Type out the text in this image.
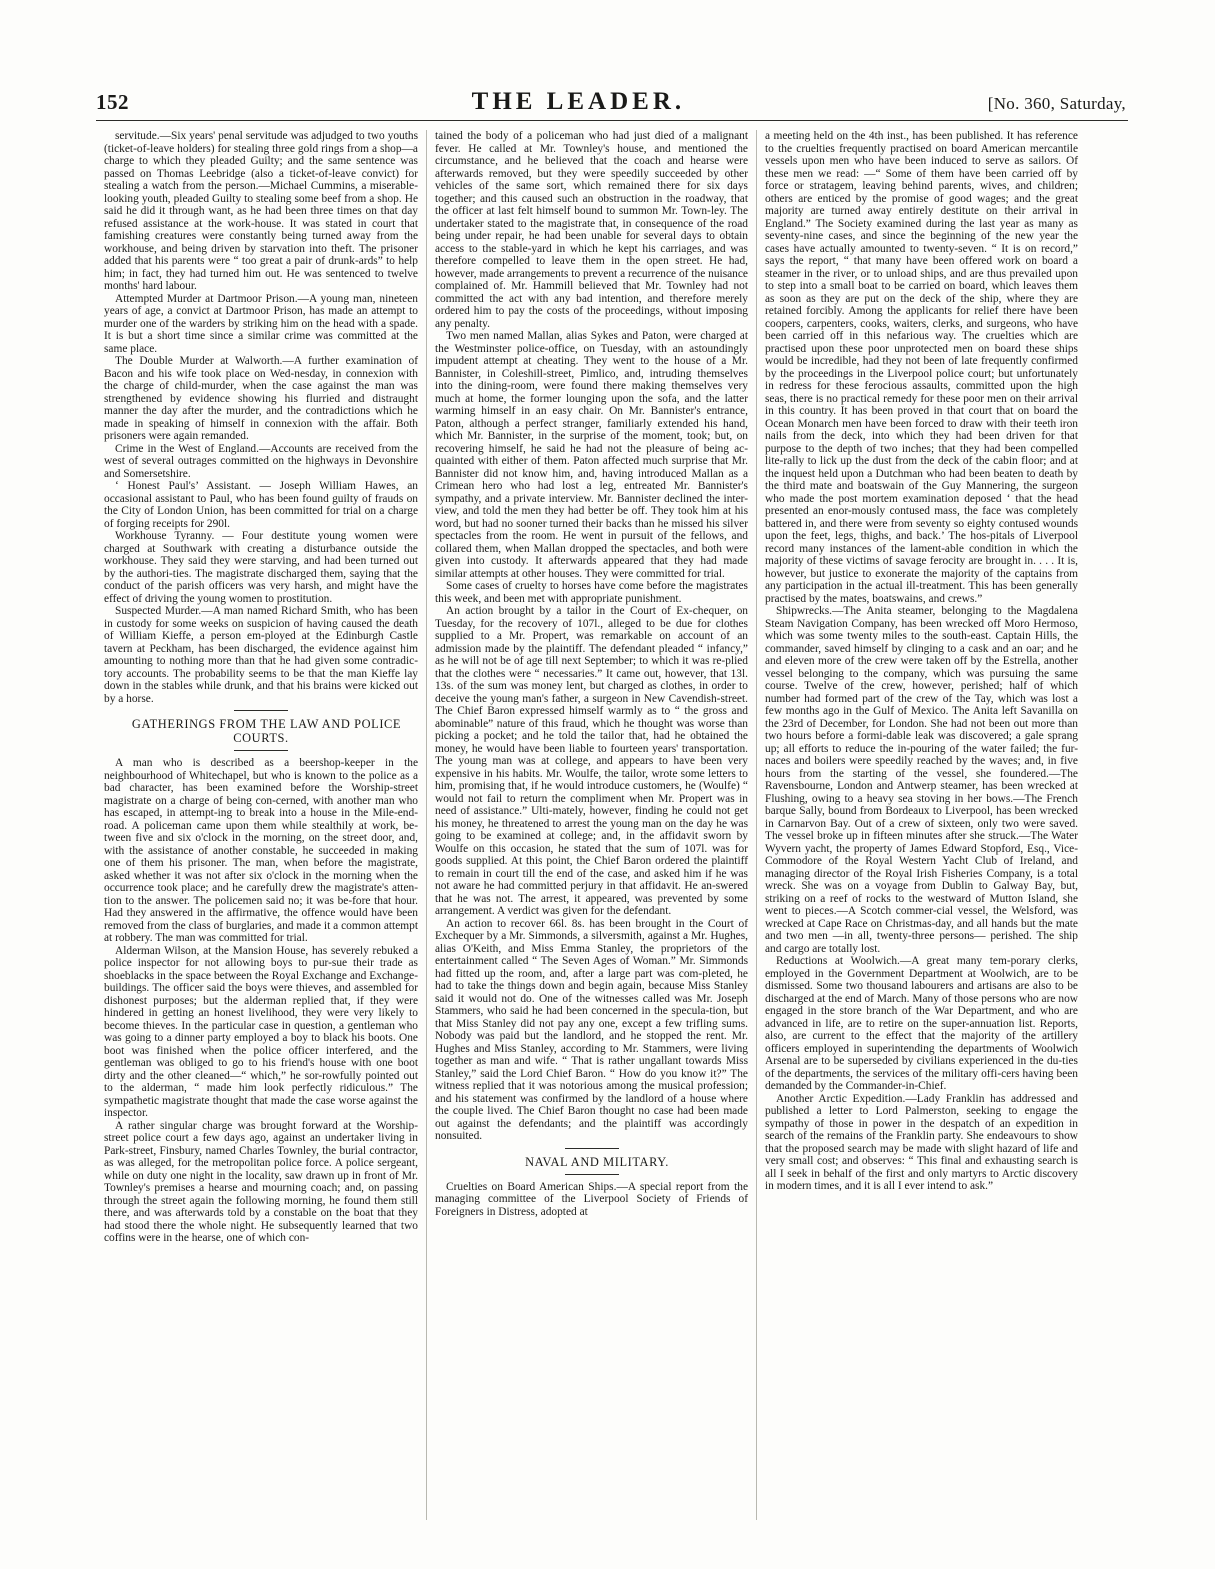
152	THE LEADER.	[No. 360, Saturday,

servitude.—Six years' penal servitude was adjudged to two youths (ticket-of-leave holders) for stealing three gold rings from a shop—a charge to which they pleaded Guilty; and the same sentence was passed on Thomas Leebridge (also a ticket-of-leave convict) for stealing a watch from the person.—Michael Cummins, a miserable-looking youth, pleaded Guilty to stealing some beef from a shop. He said he did it through want, as he had been three times on that day refused assistance at the work-house. It was stated in court that famishing creatures were constantly being turned away from the workhouse, and being driven by starvation into theft. The prisoner added that his parents were “ too great a pair of drunk-ards” to help him; in fact, they had turned him out. He was sentenced to twelve months' hard labour.

Attempted Murder at Dartmoor Prison.—A young man, nineteen years of age, a convict at Dartmoor Prison, has made an attempt to murder one of the warders by striking him on the head with a spade. It is but a short time since a similar crime was committed at the same place.

The Double Murder at Walworth.—A further examination of Bacon and his wife took place on Wed-nesday, in connexion with the charge of child-murder, when the case against the man was strengthened by evidence showing his flurried and distraught manner the day after the murder, and the contradictions which he made in speaking of himself in connexion with the affair. Both prisoners were again remanded.

Crime in the West of England.—Accounts are received from the west of several outrages committed on the highways in Devonshire and Somersetshire.

‘ Honest Paul's’ Assistant. — Joseph William Hawes, an occasional assistant to Paul, who has been found guilty of frauds on the City of London Union, has been committed for trial on a charge of forging receipts for 290l.

Workhouse Tyranny. — Four destitute young women were charged at Southwark with creating a disturbance outside the workhouse. They said they were starving, and had been turned out by the authori-ties. The magistrate discharged them, saying that the conduct of the parish officers was very harsh, and might have the effect of driving the young women to prostitution.

Suspected Murder.—A man named Richard Smith, who has been in custody for some weeks on suspicion of having caused the death of William Kieffe, a person em-ployed at the Edinburgh Castle tavern at Peckham, has been discharged, the evidence against him amounting to nothing more than that he had given some contradic-tory accounts. The probability seems to be that the man Kieffe lay down in the stables while drunk, and that his brains were kicked out by a horse.

GATHERINGS FROM THE LAW AND POLICE COURTS.

A man who is described as a beershop-keeper in the neighbourhood of Whitechapel, but who is known to the police as a bad character, has been examined before the Worship-street magistrate on a charge of being con-cerned, with another man who has escaped, in attempt-ing to break into a house in the Mile-end-road. A policeman came upon them while stealthily at work, be-tween five and six o'clock in the morning, on the street door, and, with the assistance of another constable, he succeeded in making one of them his prisoner. The man, when before the magistrate, asked whether it was not after six o'clock in the morning when the occurrence took place; and he carefully drew the magistrate's atten-tion to the answer. The policemen said no; it was be-fore that hour. Had they answered in the affirmative, the offence would have been removed from the class of burglaries, and made it a common attempt at robbery. The man was committed for trial.

Alderman Wilson, at the Mansion House, has severely rebuked a police inspector for not allowing boys to pur-sue their trade as shoeblacks in the space between the Royal Exchange and Exchange-buildings. The officer said the boys were thieves, and assembled for dishonest purposes; but the alderman replied that, if they were hindered in getting an honest livelihood, they were very likely to become thieves. In the particular case in question, a gentleman who was going to a dinner party employed a boy to black his boots. One boot was finished when the police officer interfered, and the gentleman was obliged to go to his friend's house with one boot dirty and the other cleaned—“ which,” he sor-rowfully pointed out to the alderman, “ made him look perfectly ridiculous.” The sympathetic magistrate thought that made the case worse against the inspector.

A rather singular charge was brought forward at the Worship-street police court a few days ago, against an undertaker living in Park-street, Finsbury, named Charles Townley, the burial contractor, as was alleged, for the metropolitan police force. A police sergeant, while on duty one night in the locality, saw drawn up in front of Mr. Townley's premises a hearse and mourning coach; and, on passing through the street again the following morning, he found them still there, and was afterwards told by a constable on the boat that they had stood there the whole night. He subsequently learned that two coffins were in the hearse, one of which con-

tained the body of a policeman who had just died of a malignant fever. He called at Mr. Townley's house, and mentioned the circumstance, and he believed that the coach and hearse were afterwards removed, but they were speedily succeeded by other vehicles of the same sort, which remained there for six days together; and this caused such an obstruction in the roadway, that the officer at last felt himself bound to summon Mr. Town-ley. The undertaker stated to the magistrate that, in consequence of the road being under repair, he had been unable for several days to obtain access to the stable-yard in which he kept his carriages, and was therefore compelled to leave them in the open street. He had, however, made arrangements to prevent a recurrence of the nuisance complained of. Mr. Hammill believed that Mr. Townley had not committed the act with any bad intention, and therefore merely ordered him to pay the costs of the proceedings, without imposing any penalty.

Two men named Mallan, alias Sykes and Paton, were charged at the Westminster police-office, on Tuesday, with an astoundingly impudent attempt at cheating. They went to the house of a Mr. Bannister, in Coleshill-street, Pimlico, and, intruding themselves into the dining-room, were found there making themselves very much at home, the former lounging upon the sofa, and the latter warming himself in an easy chair. On Mr. Bannister's entrance, Paton, although a perfect stranger, familiarly extended his hand, which Mr. Bannister, in the surprise of the moment, took; but, on recovering himself, he said he had not the pleasure of being ac-quainted with either of them. Paton affected much surprise that Mr. Bannister did not know him, and, having introduced Mallan as a Crimean hero who had lost a leg, entreated Mr. Bannister's sympathy, and a private interview. Mr. Bannister declined the inter-view, and told the men they had better be off. They took him at his word, but had no sooner turned their backs than he missed his silver spectacles from the room. He went in pursuit of the fellows, and collared them, when Mallan dropped the spectacles, and both were given into custody. It afterwards appeared that they had made similar attempts at other houses. They were committed for trial.

Some cases of cruelty to horses have come before the magistrates this week, and been met with appropriate punishment.

An action brought by a tailor in the Court of Ex-chequer, on Tuesday, for the recovery of 107l., alleged to be due for clothes supplied to a Mr. Propert, was remarkable on account of an admission made by the plaintiff. The defendant pleaded “ infancy,” as he will not be of age till next September; to which it was re-plied that the clothes were “ necessaries.” It came out, however, that 13l. 13s. of the sum was money lent, but charged as clothes, in order to deceive the young man's father, a surgeon in New Cavendish-street. The Chief Baron expressed himself warmly as to “ the gross and abominable” nature of this fraud, which he thought was worse than picking a pocket; and he told the tailor that, had he obtained the money, he would have been liable to fourteen years' transportation. The young man was at college, and appears to have been very expensive in his habits. Mr. Woulfe, the tailor, wrote some letters to him, promising that, if he would introduce customers, he (Woulfe) “ would not fail to return the compliment when Mr. Propert was in need of assistance.” Ulti-mately, however, finding he could not get his money, he threatened to arrest the young man on the day he was going to be examined at college; and, in the affidavit sworn by Woulfe on this occasion, he stated that the sum of 107l. was for goods supplied. At this point, the Chief Baron ordered the plaintiff to remain in court till the end of the case, and asked him if he was not aware he had committed perjury in that affidavit. He an-swered that he was not. The arrest, it appeared, was prevented by some arrangement. A verdict was given for the defendant.

An action to recover 66l. 8s. has been brought in the Court of Exchequer by a Mr. Simmonds, a silversmith, against a Mr. Hughes, alias O'Keith, and Miss Emma Stanley, the proprietors of the entertainment called “ The Seven Ages of Woman.” Mr. Simmonds had fitted up the room, and, after a large part was com-pleted, he had to take the things down and begin again, because Miss Stanley said it would not do. One of the witnesses called was Mr. Joseph Stammers, who said he had been concerned in the specula-tion, but that Miss Stanley did not pay any one, except a few trifling sums. Nobody was paid but the landlord, and he stopped the rent. Mr. Hughes and Miss Stanley, according to Mr. Stammers, were living together as man and wife. “ That is rather ungallant towards Miss Stanley,” said the Lord Chief Baron. “ How do you know it?” The witness replied that it was notorious among the musical profession; and his statement was confirmed by the landlord of a house where the couple lived. The Chief Baron thought no case had been made out against the defendants; and the plaintiff was accordingly nonsuited.

NAVAL AND MILITARY.

Cruelties on Board American Ships.—A special report from the managing committee of the Liverpool Society of Friends of Foreigners in Distress, adopted at

a meeting held on the 4th inst., has been published. It has reference to the cruelties frequently practised on board American mercantile vessels upon men who have been induced to serve as sailors. Of these men we read: —“ Some of them have been carried off by force or stratagem, leaving behind parents, wives, and children; others are enticed by the promise of good wages; and the great majority are turned away entirely destitute on their arrival in England.” The Society examined during the last year as many as seventy-nine cases, and since the beginning of the new year the cases have actually amounted to twenty-seven. “ It is on record,” says the report, “ that many have been offered work on board a steamer in the river, or to unload ships, and are thus prevailed upon to step into a small boat to be carried on board, which leaves them as soon as they are put on the deck of the ship, where they are retained forcibly. Among the applicants for relief there have been coopers, carpenters, cooks, waiters, clerks, and surgeons, who have been carried off in this nefarious way. The cruelties which are practised upon these poor unprotected men on board these ships would be incredible, had they not been of late frequently confirmed by the proceedings in the Liverpool police court; but unfortunately in redress for these ferocious assaults, committed upon the high seas, there is no practical remedy for these poor men on their arrival in this country. It has been proved in that court that on board the Ocean Monarch men have been forced to draw with their teeth iron nails from the deck, into which they had been driven for that purpose to the depth of two inches; that they had been compelled lite-rally to lick up the dust from the deck of the cabin floor; and at the inquest held upon a Dutchman who had been beaten to death by the third mate and boatswain of the Guy Mannering, the surgeon who made the post mortem examination deposed ‘ that the head presented an enor-mously contused mass, the face was completely battered in, and there were from seventy so eighty contused wounds upon the feet, legs, thighs, and back.’ The hos-pitals of Liverpool record many instances of the lament-able condition in which the majority of these victims of savage ferocity are brought in. . . . It is, however, but justice to exonerate the majority of the captains from any participation in the actual ill-treatment. This has been generally practised by the mates, boatswains, and crews.”

Shipwrecks.—The Anita steamer, belonging to the Magdalena Steam Navigation Company, has been wrecked off Moro Hermoso, which was some twenty miles to the south-east. Captain Hills, the commander, saved himself by clinging to a cask and an oar; and he and eleven more of the crew were taken off by the Estrella, another vessel belonging to the company, which was pursuing the same course. Twelve of the crew, however, perished; half of which number had formed part of the crew of the Tay, which was lost a few months ago in the Gulf of Mexico. The Anita left Savanilla on the 23rd of December, for London. She had not been out more than two hours before a formi-dable leak was discovered; a gale sprang up; all efforts to reduce the in-pouring of the water failed; the fur-naces and boilers were speedily reached by the waves; and, in five hours from the starting of the vessel, she foundered.—The Ravensbourne, London and Antwerp steamer, has been wrecked at Flushing, owing to a heavy sea stoving in her bows.—The French barque Sally, bound from Bordeaux to Liverpool, has been wrecked in Carnarvon Bay. Out of a crew of sixteen, only two were saved. The vessel broke up in fifteen minutes after she struck.—The Water Wyvern yacht, the property of James Edward Stopford, Esq., Vice-Commodore of the Royal Western Yacht Club of Ireland, and managing director of the Royal Irish Fisheries Company, is a total wreck. She was on a voyage from Dublin to Galway Bay, but, striking on a reef of rocks to the westward of Mutton Island, she went to pieces.—A Scotch commer-cial vessel, the Welsford, was wrecked at Cape Race on Christmas-day, and all hands but the mate and two men —in all, twenty-three persons— perished. The ship and cargo are totally lost.

Reductions at Woolwich.—A great many tem-porary clerks, employed in the Government Department at Woolwich, are to be dismissed. Some two thousand labourers and artisans are also to be discharged at the end of March. Many of those persons who are now engaged in the store branch of the War Department, and who are advanced in life, are to retire on the super-annuation list. Reports, also, are current to the effect that the majority of the artillery officers employed in superintending the departments of Woolwich Arsenal are to be superseded by civilians experienced in the du-ties of the departments, the services of the military offi-cers having been demanded by the Commander-in-Chief.

Another Arctic Expedition.—Lady Franklin has addressed and published a letter to Lord Palmerston, seeking to engage the sympathy of those in power in the despatch of an expedition in search of the remains of the Franklin party. She endeavours to show that the proposed search may be made with slight hazard of life and very small cost; and observes: “ This final and exhausting search is all I seek in behalf of the first and only martyrs to Arctic discovery in modern times, and it is all I ever intend to ask.”
